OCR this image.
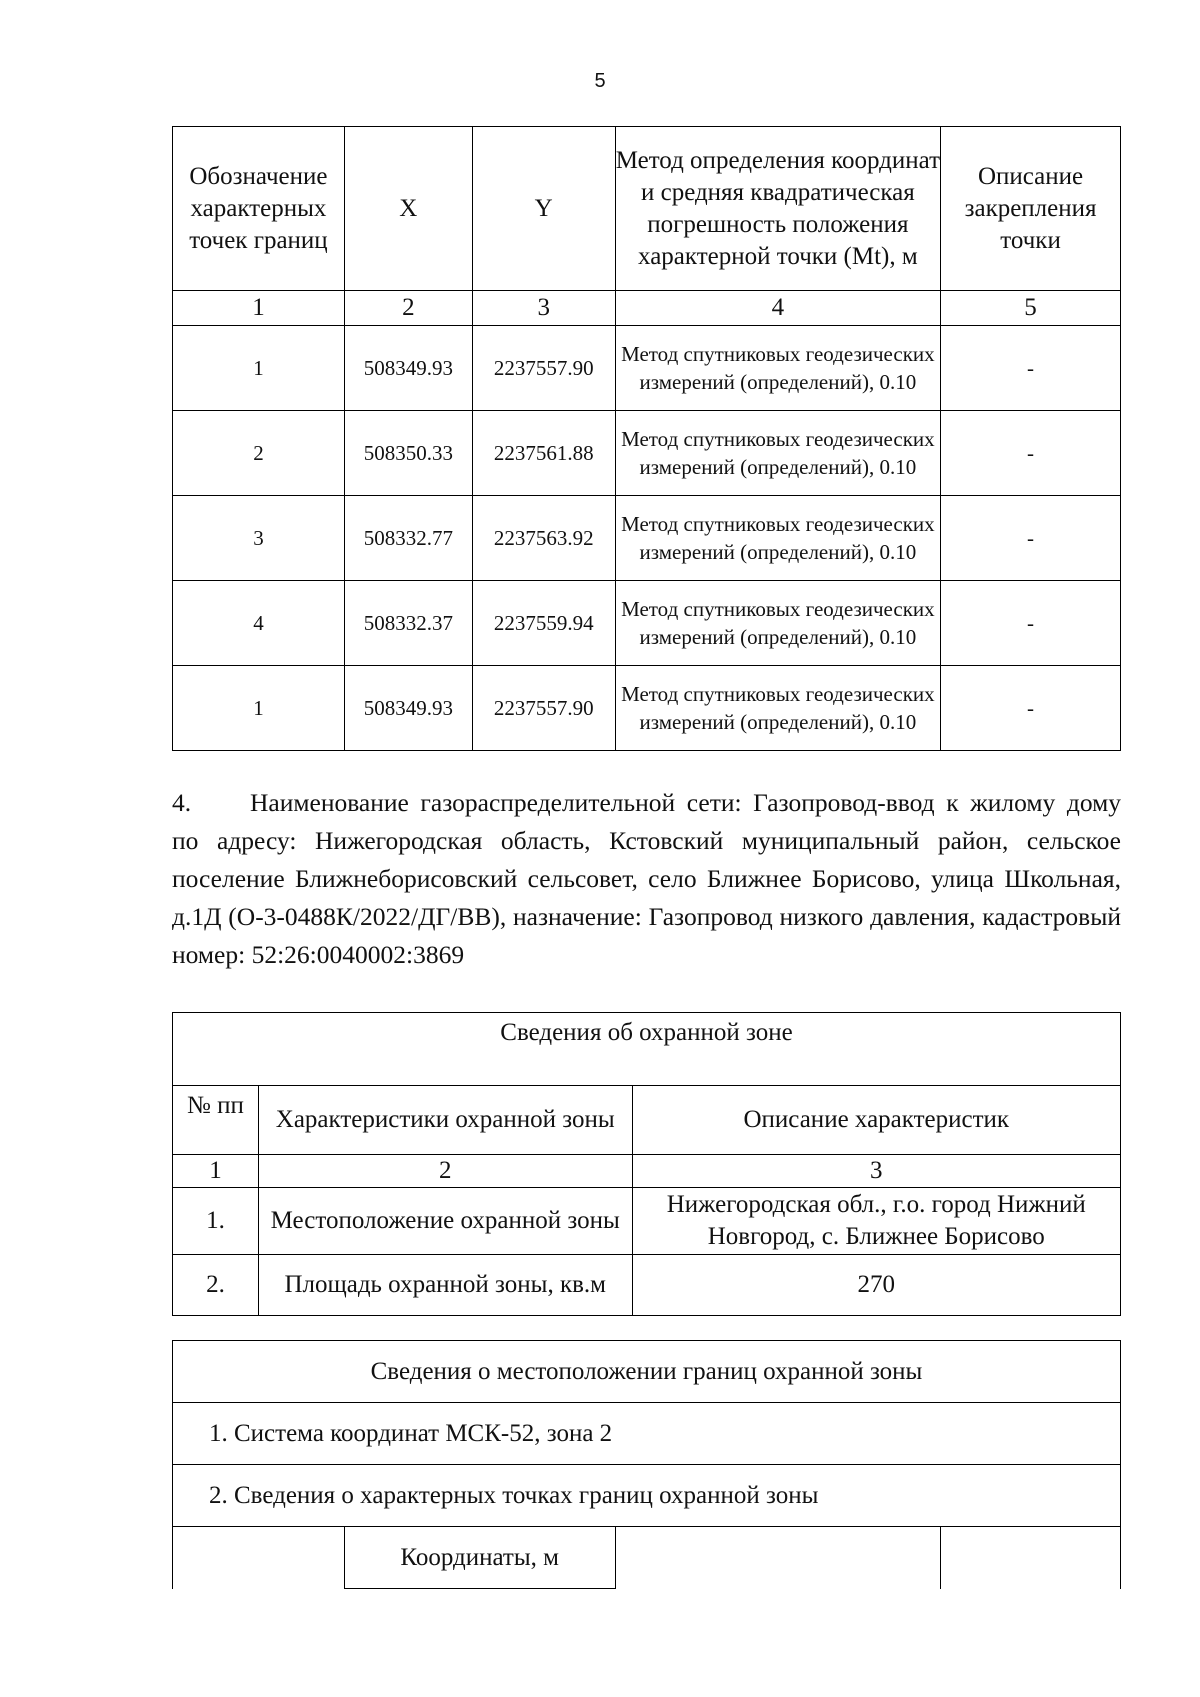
5
Обозначение характерных точек границ	X	Y	Метод определения координат и средняя квадратическая погрешность положения характерной точки (Mt), м	Описание закрепления точки
1	2	3	4	5
1	508349.93	2237557.90	Метод спутниковых геодезических измерений (определений), 0.10	-
2	508350.33	2237561.88	Метод спутниковых геодезических измерений (определений), 0.10	-
3	508332.77	2237563.92	Метод спутниковых геодезических измерений (определений), 0.10	-
4	508332.37	2237559.94	Метод спутниковых геодезических измерений (определений), 0.10	-
1	508349.93	2237557.90	Метод спутниковых геодезических измерений (определений), 0.10	-
4. Наименование газораспределительной сети: Газопровод-ввод к жилому дому по адресу: Нижегородская область, Кстовский муниципальный район, сельское поселение Ближнеборисовский сельсовет, село Ближнее Борисово, улица Школьная, д.1Д (О-3-0488К/2022/ДГ/ВВ), назначение: Газопровод низкого давления, кадастровый номер: 52:26:0040002:3869
Сведения об охранной зоне		
№ пп	Характеристики охранной зоны	Описание характеристик
1	2	3
1.	Местоположение охранной зоны	Нижегородская обл., г.о. город Нижний Новгород, с. Ближнее Борисово
2.	Площадь охранной зоны, кв.м	270
Сведения о местоположении границ охранной зоны
1. Система координат МСК-52, зона 2
2. Сведения о характерных точках границ охранной зоны
	Координаты, м		
